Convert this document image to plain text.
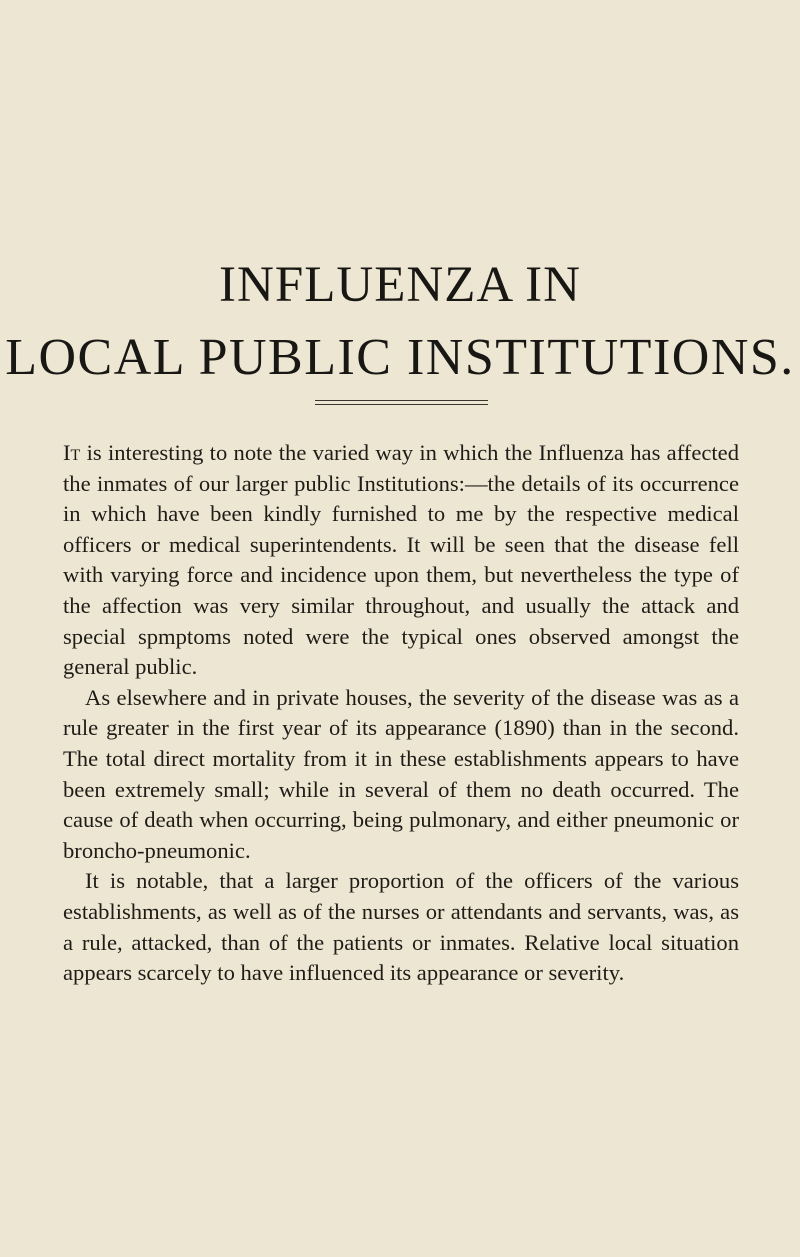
INFLUENZA IN
LOCAL PUBLIC INSTITUTIONS.

It is interesting to note the varied way in which the Influenza has affected the inmates of our larger public Institutions:—the details of its occurrence in which have been kindly furnished to me by the respective medical officers or medical superintendents. It will be seen that the disease fell with varying force and incidence upon them, but nevertheless the type of the affection was very similar throughout, and usually the attack and special spmptoms noted were the typical ones observed amongst the general public.

As elsewhere and in private houses, the severity of the disease was as a rule greater in the first year of its appearance (1890) than in the second. The total direct mortality from it in these establishments appears to have been extremely small; while in several of them no death occurred. The cause of death when occurring, being pulmonary, and either pneumonic or broncho-pneumonic.

It is notable, that a larger proportion of the officers of the various establishments, as well as of the nurses or attendants and servants, was, as a rule, attacked, than of the patients or inmates. Relative local situation appears scarcely to have influenced its appearance or severity.
